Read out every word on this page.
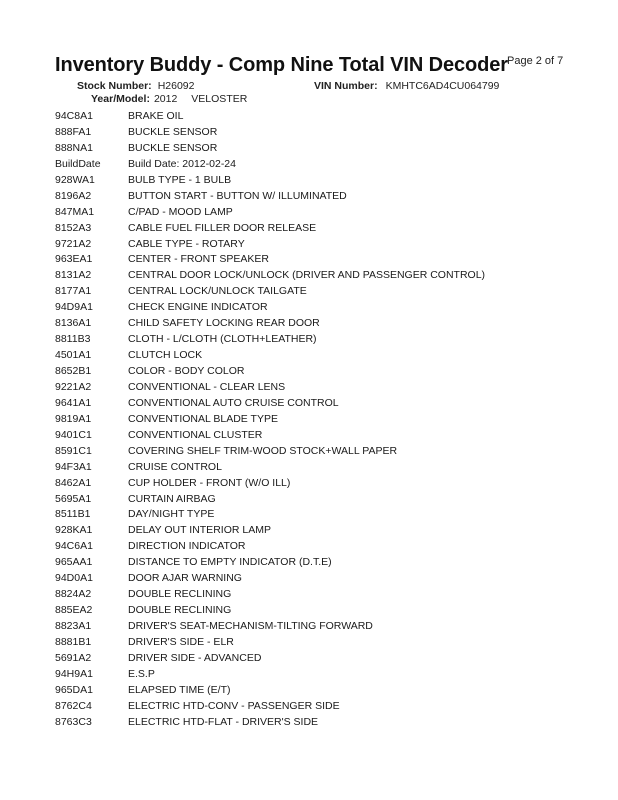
Inventory Buddy - Comp Nine Total VIN Decoder Page 2 of 7
Stock Number: H26092	VIN Number: KMHTC6AD4CU064799
Year/Model: 2012 VELOSTER
94C8A1	BRAKE OIL
888FA1	BUCKLE SENSOR
888NA1	BUCKLE SENSOR
BuildDate	Build Date: 2012-02-24
928WA1	BULB TYPE - 1 BULB
8196A2	BUTTON START - BUTTON W/ ILLUMINATED
847MA1	C/PAD - MOOD LAMP
8152A3	CABLE FUEL FILLER DOOR RELEASE
9721A2	CABLE TYPE - ROTARY
963EA1	CENTER - FRONT SPEAKER
8131A2	CENTRAL DOOR LOCK/UNLOCK (DRIVER AND PASSENGER CONTROL)
8177A1	CENTRAL LOCK/UNLOCK TAILGATE
94D9A1	CHECK ENGINE INDICATOR
8136A1	CHILD SAFETY LOCKING REAR DOOR
8811B3	CLOTH - L/CLOTH (CLOTH+LEATHER)
4501A1	CLUTCH LOCK
8652B1	COLOR - BODY COLOR
9221A2	CONVENTIONAL - CLEAR LENS
9641A1	CONVENTIONAL AUTO CRUISE CONTROL
9819A1	CONVENTIONAL BLADE TYPE
9401C1	CONVENTIONAL CLUSTER
8591C1	COVERING SHELF TRIM-WOOD STOCK+WALL PAPER
94F3A1	CRUISE CONTROL
8462A1	CUP HOLDER - FRONT (W/O ILL)
5695A1	CURTAIN AIRBAG
8511B1	DAY/NIGHT TYPE
928KA1	DELAY OUT INTERIOR LAMP
94C6A1	DIRECTION INDICATOR
965AA1	DISTANCE TO EMPTY INDICATOR (D.T.E)
94D0A1	DOOR AJAR WARNING
8824A2	DOUBLE RECLINING
885EA2	DOUBLE RECLINING
8823A1	DRIVER'S SEAT-MECHANISM-TILTING FORWARD
8881B1	DRIVER'S SIDE - ELR
5691A2	DRIVER SIDE - ADVANCED
94H9A1	E.S.P
965DA1	ELAPSED TIME (E/T)
8762C4	ELECTRIC HTD-CONV - PASSENGER SIDE
8763C3	ELECTRIC HTD-FLAT - DRIVER'S SIDE
